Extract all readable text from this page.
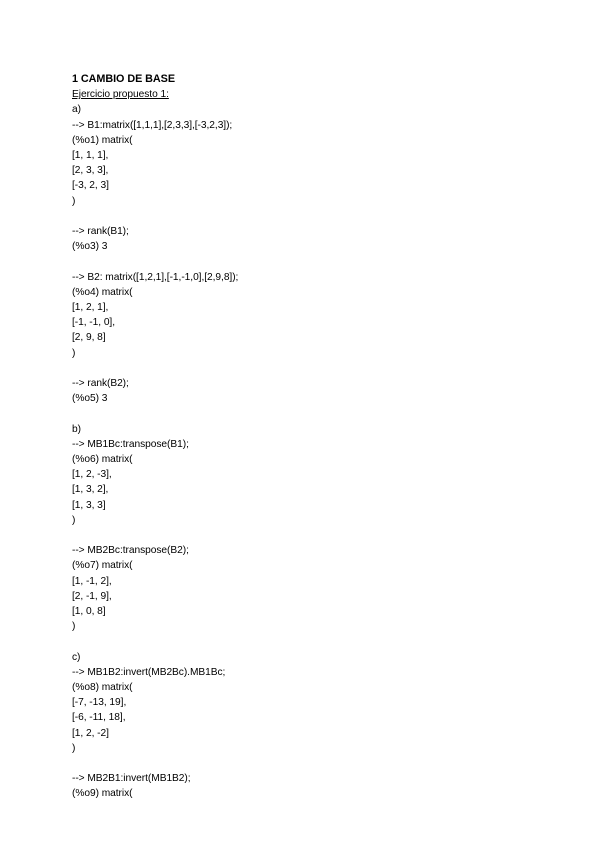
1 CAMBIO DE BASE
Ejercicio propuesto 1:
a)
--> B1:matrix([1,1,1],[2,3,3],[-3,2,3]);
(%o1) matrix(
[1, 1, 1],
[2, 3, 3],
[-3, 2, 3]
)
--> rank(B1);
(%o3) 3
--> B2: matrix([1,2,1],[-1,-1,0],[2,9,8]);
(%o4) matrix(
[1, 2, 1],
[-1, -1, 0],
[2, 9, 8]
)
--> rank(B2);
(%o5) 3
b)
--> MB1Bc:transpose(B1);
(%o6) matrix(
[1, 2, -3],
[1, 3, 2],
[1, 3, 3]
)
--> MB2Bc:transpose(B2);
(%o7) matrix(
[1, -1, 2],
[2, -1, 9],
[1, 0, 8]
)
c)
--> MB1B2:invert(MB2Bc).MB1Bc;
(%o8) matrix(
[-7, -13, 19],
[-6, -11, 18],
[1, 2, -2]
)
--> MB2B1:invert(MB1B2);
(%o9) matrix(
